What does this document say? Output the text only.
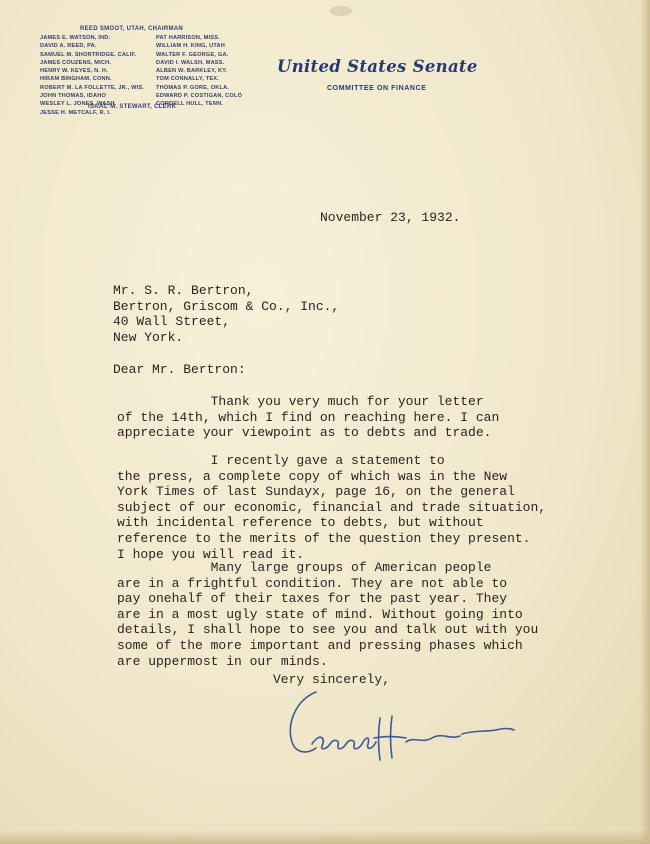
REED SMOOT, UTAH, CHAIRMAN
JAMES E. WATSON, IND.
DAVID A. REED, PA.
SAMUEL M. SHORTRIDGE, CALIF.
JAMES COUZENS, MICH.
HENRY W. KEYES, N. H.
HIRAM BINGHAM, CONN.
ROBERT M. LA FOLLETTE, JR., WIS.
JOHN THOMAS, IDAHO
WESLEY L. JONES, WASH.
JESSE H. METCALF, R. I.
PAT HARRISON, MISS.
WILLIAM H. KING, UTAH
WALTER F. GEORGE, GA.
DAVID I. WALSH, MASS.
ALBEN W. BARKLEY, KY.
TOM CONNALLY, TEX.
THOMAS P. GORE, OKLA.
EDWARD P. COSTIGAN, COLO
CORDELL HULL, TENN.
ISAAC M. STEWART, CLERK
United States Senate
COMMITTEE ON FINANCE
November 23, 1932.
Mr. S. R. Bertron,
Bertron, Griscom & Co., Inc.,
40 Wall Street,
New York.
Dear Mr. Bertron:
Thank you very much for your letter
of the 14th, which I find on reaching here. I can
appreciate your viewpoint as to debts and trade.
I recently gave a statement to
the press, a complete copy of which was in the New
York Times of last Sundayx, page 16, on the general
subject of our economic, financial and trade situation,
with incidental reference to debts, but without
reference to the merits of the question they present.
I hope you will read it.
Many large groups of American people
are in a frightful condition. They are not able to
pay onehalf of their taxes for the past year. They
are in a most ugly state of mind. Without going into
details, I shall hope to see you and talk out with you
some of the more important and pressing phases which
are uppermost in our minds.
Very sincerely,
